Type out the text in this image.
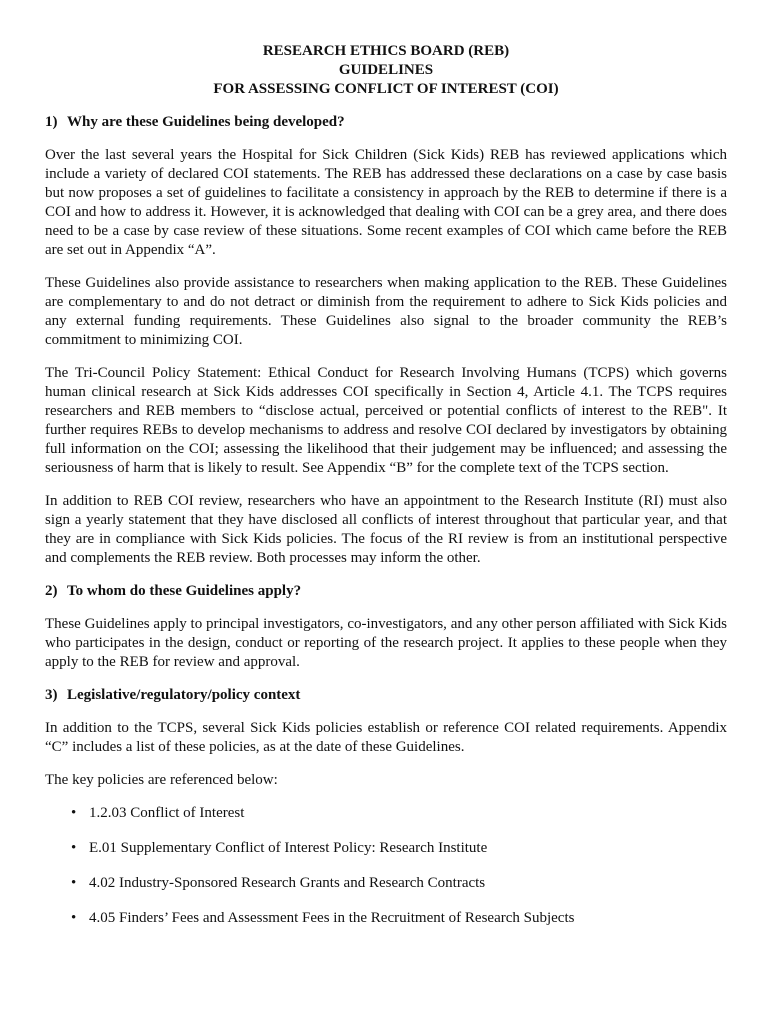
RESEARCH ETHICS BOARD (REB)
GUIDELINES
FOR ASSESSING CONFLICT OF INTEREST (COI)
1) Why are these Guidelines being developed?

Over the last several years the Hospital for Sick Children (Sick Kids) REB has reviewed applications which include a variety of declared COI statements. The REB has addressed these declarations on a case by case basis but now proposes a set of guidelines to facilitate a consistency in approach by the REB to determine if there is a COI and how to address it. However, it is acknowledged that dealing with COI can be a grey area, and there does need to be a case by case review of these situations. Some recent examples of COI which came before the REB are set out in Appendix “A”.

These Guidelines also provide assistance to researchers when making application to the REB. These Guidelines are complementary to and do not detract or diminish from the requirement to adhere to Sick Kids policies and any external funding requirements. These Guidelines also signal to the broader community the REB’s commitment to minimizing COI.

The Tri-Council Policy Statement: Ethical Conduct for Research Involving Humans (TCPS) which governs human clinical research at Sick Kids addresses COI specifically in Section 4, Article 4.1. The TCPS requires researchers and REB members to “disclose actual, perceived or potential conflicts of interest to the REB". It further requires REBs to develop mechanisms to address and resolve COI declared by investigators by obtaining full information on the COI; assessing the likelihood that their judgement may be influenced; and assessing the seriousness of harm that is likely to result. See Appendix “B” for the complete text of the TCPS section.

In addition to REB COI review, researchers who have an appointment to the Research Institute (RI) must also sign a yearly statement that they have disclosed all conflicts of interest throughout that particular year, and that they are in compliance with Sick Kids policies. The focus of the RI review is from an institutional perspective and complements the REB review. Both processes may inform the other.

2) To whom do these Guidelines apply?

These Guidelines apply to principal investigators, co-investigators, and any other person affiliated with Sick Kids who participates in the design, conduct or reporting of the research project. It applies to these people when they apply to the REB for review and approval.

3) Legislative/regulatory/policy context

In addition to the TCPS, several Sick Kids policies establish or reference COI related requirements. Appendix “C” includes a list of these policies, as at the date of these Guidelines.

The key policies are referenced below:

• 1.2.03 Conflict of Interest
• E.01 Supplementary Conflict of Interest Policy: Research Institute
• 4.02 Industry-Sponsored Research Grants and Research Contracts
• 4.05 Finders’ Fees and Assessment Fees in the Recruitment of Research Subjects
